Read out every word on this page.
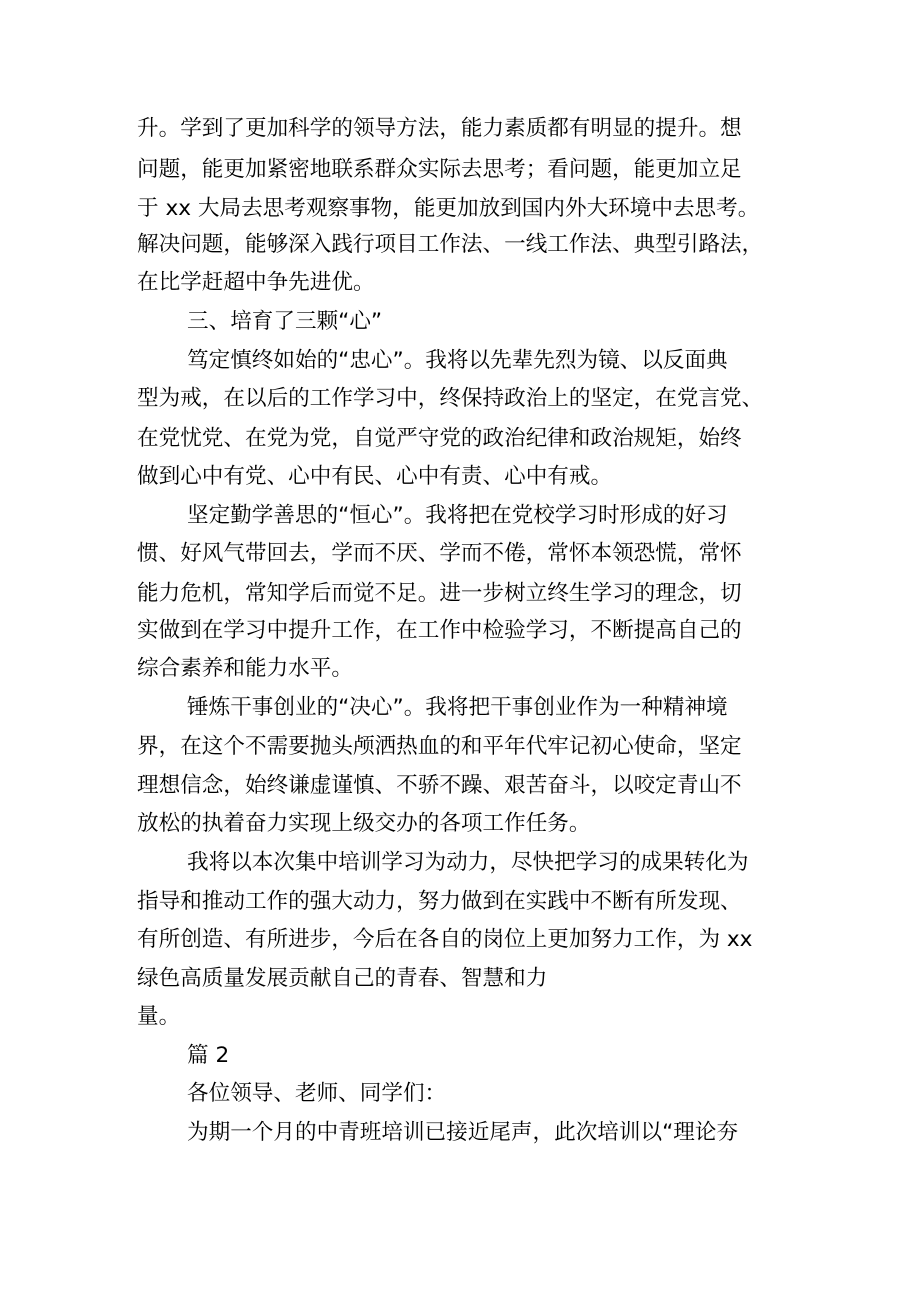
升。学到了更加科学的领导方法，能力素质都有明显的提升。想
问题，能更加紧密地联系群众实际去思考；看问题，能更加立足
于 xx 大局去思考观察事物，能更加放到国内外大环境中去思考。
解决问题，能够深入践行项目工作法、一线工作法、典型引路法，
在比学赶超中争先进优。
三、培育了三颗“心”
笃定慎终如始的“忠心”。我将以先辈先烈为镜、以反面典
型为戒，在以后的工作学习中，终保持政治上的坚定，在党言党、
在党忧党、在党为党，自觉严守党的政治纪律和政治规矩，始终
做到心中有党、心中有民、心中有责、心中有戒。
坚定勤学善思的“恒心”。我将把在党校学习时形成的好习
惯、好风气带回去，学而不厌、学而不倦，常怀本领恐慌，常怀
能力危机，常知学后而觉不足。进一步树立终生学习的理念，切
实做到在学习中提升工作，在工作中检验学习，不断提高自己的
综合素养和能力水平。
锤炼干事创业的“决心”。我将把干事创业作为一种精神境
界，在这个不需要抛头颅洒热血的和平年代牢记初心使命，坚定
理想信念，始终谦虚谨慎、不骄不躁、艰苦奋斗，以咬定青山不
放松的执着奋力实现上级交办的各项工作任务。
我将以本次集中培训学习为动力，尽快把学习的成果转化为
指导和推动工作的强大动力，努力做到在实践中不断有所发现、
有所创造、有所进步，今后在各自的岗位上更加努力工作，为 xx
绿色高质量发展贡献自己的青春、智慧和力
量。
篇 2
各位领导、老师、同学们：
为期一个月的中青班培训已接近尾声，此次培训以“理论夯
